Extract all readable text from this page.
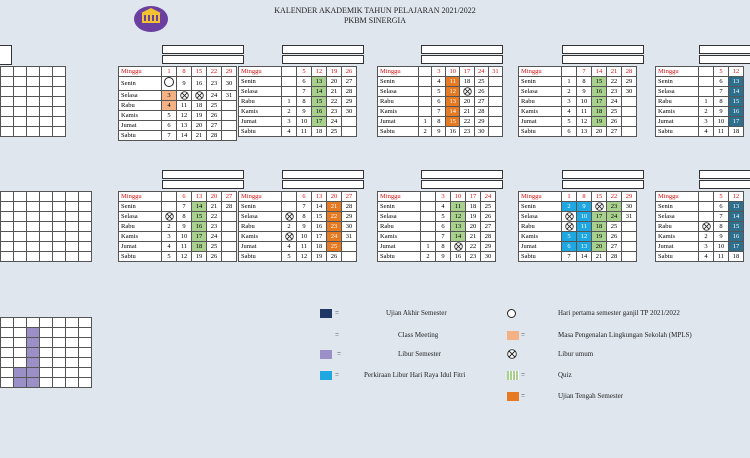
KALENDER AKADEMIK TAHUN PELAJARAN 2021/2022
PKBM SINERGIA
Minggu	1	8	15	22	29
Senin		9	16	23	30
Selasa	3			24	31
Rabu	4	11	18	25	
Kamis	5	12	19	26	
Jumat	6	13	20	27	
Sabtu	7	14	21	28	
Minggu		5	12	19	26
Senin		6	13	20	27
Selasa		7	14	21	28
Rabu	1	8	15	22	29
Kamis	2	9	16	23	30
Jumat	3	10	17	24	
Sabtu	4	11	18	25	
Minggu		3	10	17	24	31
Senin		4	11	18	25	
Selasa		5	12		26	
Rabu		6	13	20	27	
Kamis		7	14	21	28	
Jumat	1	8	15	22	29	
Sabtu	2	9	16	23	30	
Minggu		7	14	21	28
Senin	1	8	15	22	29
Selasa	2	9	16	23	30
Rabu	3	10	17	24	
Kamis	4	11	18	25	
Jumat	5	12	19	26	
Sabtu	6	13	20	27	
Minggu		5	12
Senin		6	13
Selasa		7	14
Rabu	1	8	15
Kamis	2	9	16
Jumat	3	10	17
Sabtu	4	11	18
Minggu		6	13	20	27
Senin		7	14	21	28
Selasa		8	15	22	
Rabu	2	9	16	23	
Kamis	3	10	17	24	
Jumat	4	11	18	25	
Sabtu	5	12	19	26	
Minggu		6	13	20	27
Senin		7	14	21	28
Selasa		8	15	22	29
Rabu	2	9	16	23	30
Kamis		10	17	24	31
Jumat	4	11	18	25	
Sabtu	5	12	19	26	
Minggu		3	10	17	24
Senin		4	11	18	25
Selasa		5	12	19	26
Rabu		6	13	20	27
Kamis		7	14	21	28
Jumat	1	8		22	29
Sabtu	2	9	16	23	30
Minggu	1	8	15	22	29
Senin	2	9		23	30
Selasa		10	17	24	31
Rabu		11	18	25	
Kamis	5	12	19	26	
Jumat	6	13	20	27	
Sabtu	7	14	21	28	
Minggu		5	12
Senin		6	13
Selasa		7	14
Rabu		8	15
Kamis	2	9	16
Jumat	3	10	17
Sabtu	4	11	18
=	Ujian Akhir Semester
=	Class Meeting
=	Libur Semester
=	Perkiraan Libur Hari Raya Idul Fitri
Hari pertama semester ganjil TP 2021/2022
=	Masa Pengenalan Lingkungan Sekolah (MPLS)
Libur umum
=	Quiz
=	Ujian Tengah Semester
